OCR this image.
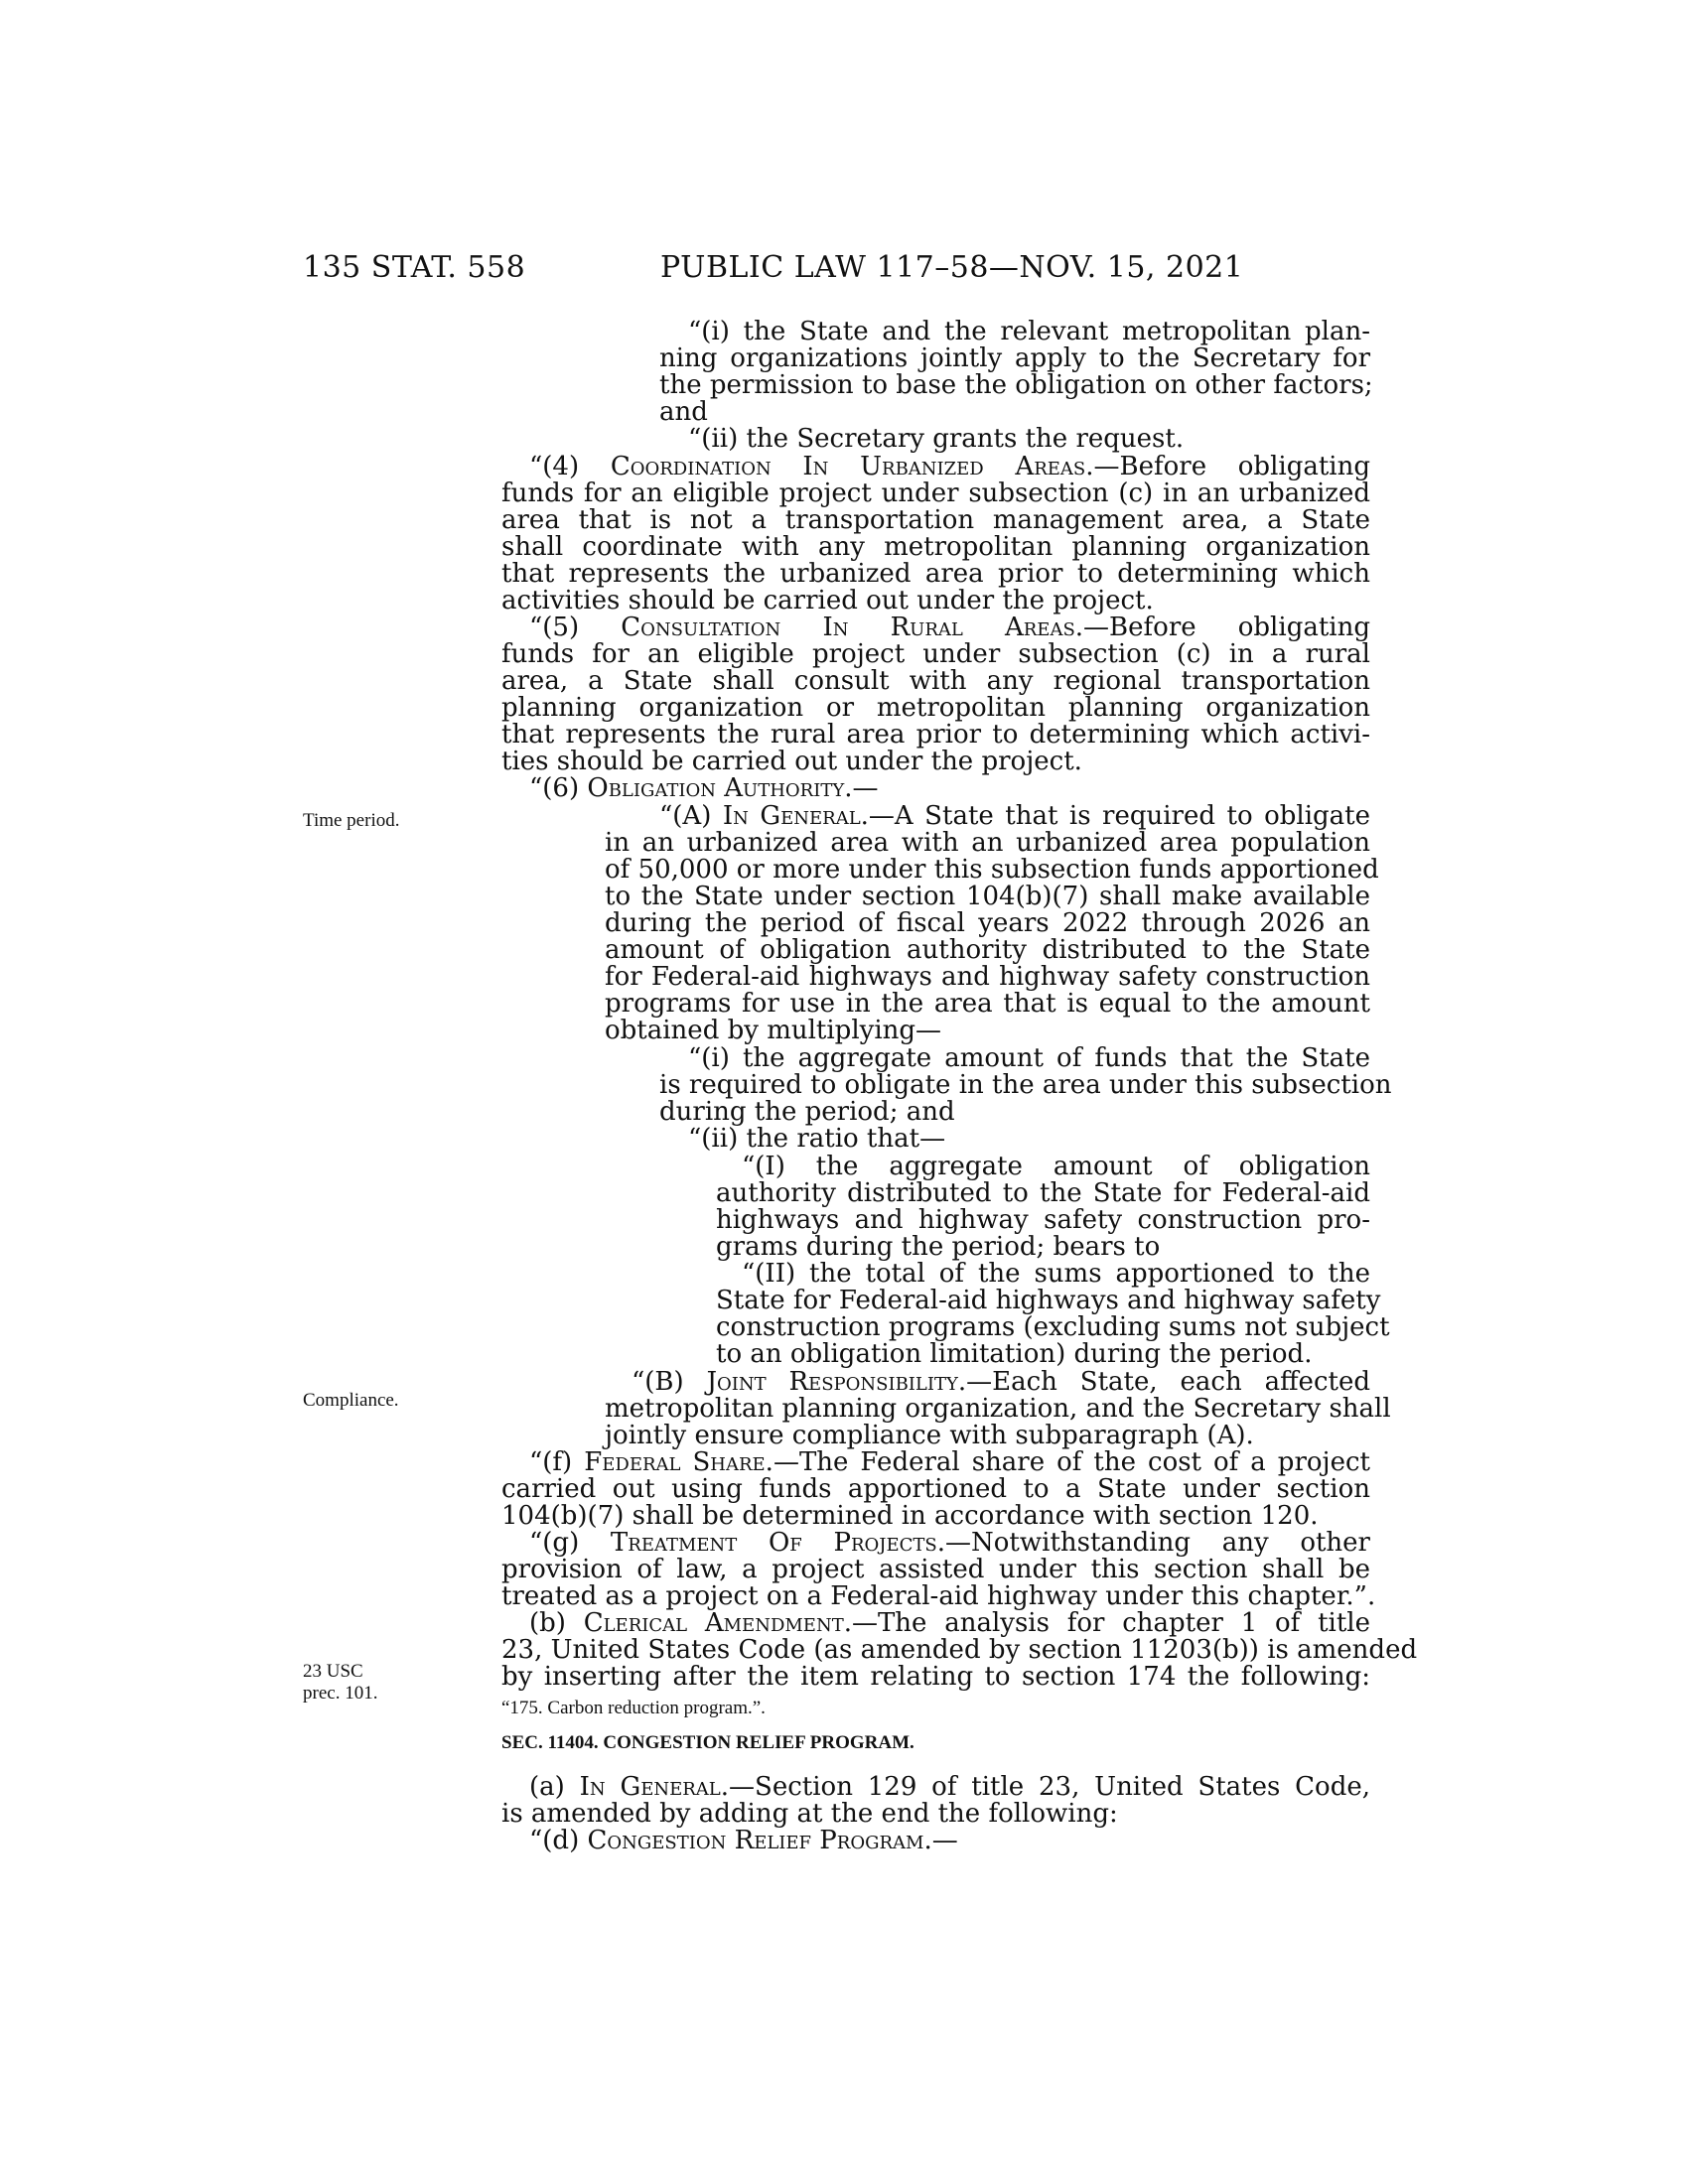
135 STAT. 558	PUBLIC LAW 117–58—NOV. 15, 2021
Time period.
Compliance.
23 USC
prec. 101.
“(i) the State and the relevant metropolitan plan-
ning organizations jointly apply to the Secretary for
the permission to base the obligation on other factors;
and
“(ii) the Secretary grants the request.
“(4) Coordination In Urbanized Areas.—Before obligating
funds for an eligible project under subsection (c) in an urbanized
area that is not a transportation management area, a State
shall coordinate with any metropolitan planning organization
that represents the urbanized area prior to determining which
activities should be carried out under the project.
“(5) Consultation In Rural Areas.—Before obligating
funds for an eligible project under subsection (c) in a rural
area, a State shall consult with any regional transportation
planning organization or metropolitan planning organization
that represents the rural area prior to determining which activi-
ties should be carried out under the project.
“(6) Obligation Authority.—
“(A) In General.—A State that is required to obligate
in an urbanized area with an urbanized area population
of 50,000 or more under this subsection funds apportioned
to the State under section 104(b)(7) shall make available
during the period of fiscal years 2022 through 2026 an
amount of obligation authority distributed to the State
for Federal-aid highways and highway safety construction
programs for use in the area that is equal to the amount
obtained by multiplying—
“(i) the aggregate amount of funds that the State
is required to obligate in the area under this subsection
during the period; and
“(ii) the ratio that—
“(I) the aggregate amount of obligation
authority distributed to the State for Federal-aid
highways and highway safety construction pro-
grams during the period; bears to
“(II) the total of the sums apportioned to the
State for Federal-aid highways and highway safety
construction programs (excluding sums not subject
to an obligation limitation) during the period.
“(B) Joint Responsibility.—Each State, each affected
metropolitan planning organization, and the Secretary shall
jointly ensure compliance with subparagraph (A).
“(f) Federal Share.—The Federal share of the cost of a project
carried out using funds apportioned to a State under section
104(b)(7) shall be determined in accordance with section 120.
“(g) Treatment Of Projects.—Notwithstanding any other
provision of law, a project assisted under this section shall be
treated as a project on a Federal-aid highway under this chapter.”.
(b) Clerical Amendment.—The analysis for chapter 1 of title
23, United States Code (as amended by section 11203(b)) is amended
by inserting after the item relating to section 174 the following:
“175. Carbon reduction program.”.
SEC. 11404. CONGESTION RELIEF PROGRAM.
(a) In General.—Section 129 of title 23, United States Code,
is amended by adding at the end the following:
“(d) Congestion Relief Program.—
